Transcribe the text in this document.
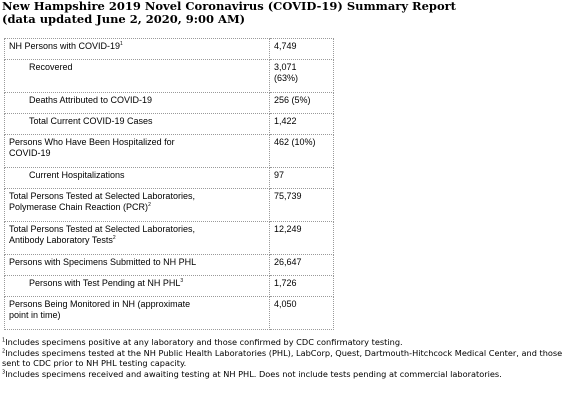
New Hampshire 2019 Novel Coronavirus (COVID-19) Summary Report
(data updated June 2, 2020, 9:00 AM)
NH Persons with COVID-$19^1$	4,749
Recovered	3,071
(63%)

Deaths Attributed to COVID-19	256 (5%)
Total Current COVID-19 Cases	1,422

Persons Who Have Been Hospitalized for
COVID-19	462 (10%)
Current Hospitalizations	97

Total Persons Tested at Selected Laboratories,
Polymerase Chain Reaction (PCR)$^2$	75,739

Total Persons Tested at Selected Laboratories,
Antibody Laboratory Tests$^2$	12,249
Persons with Specimens Submitted to NH PHL	26,647
Persons with Test Pending at NH PHL$^3$	1,726

Persons Being Monitored in NH (approximate
point in time)	4,050
$^1$Includes specimens positive at any laboratory and those confirmed by CDC confirmatory testing.
$^2$Includes specimens tested at the NH Public Health Laboratories (PHL), LabCorp, Quest, Dartmouth-Hitchcock Medical Center, and those sent to CDC prior to NH PHL testing capacity.
$^3$Includes specimens received and awaiting testing at NH PHL. Does not include tests pending at commercial laboratories.
